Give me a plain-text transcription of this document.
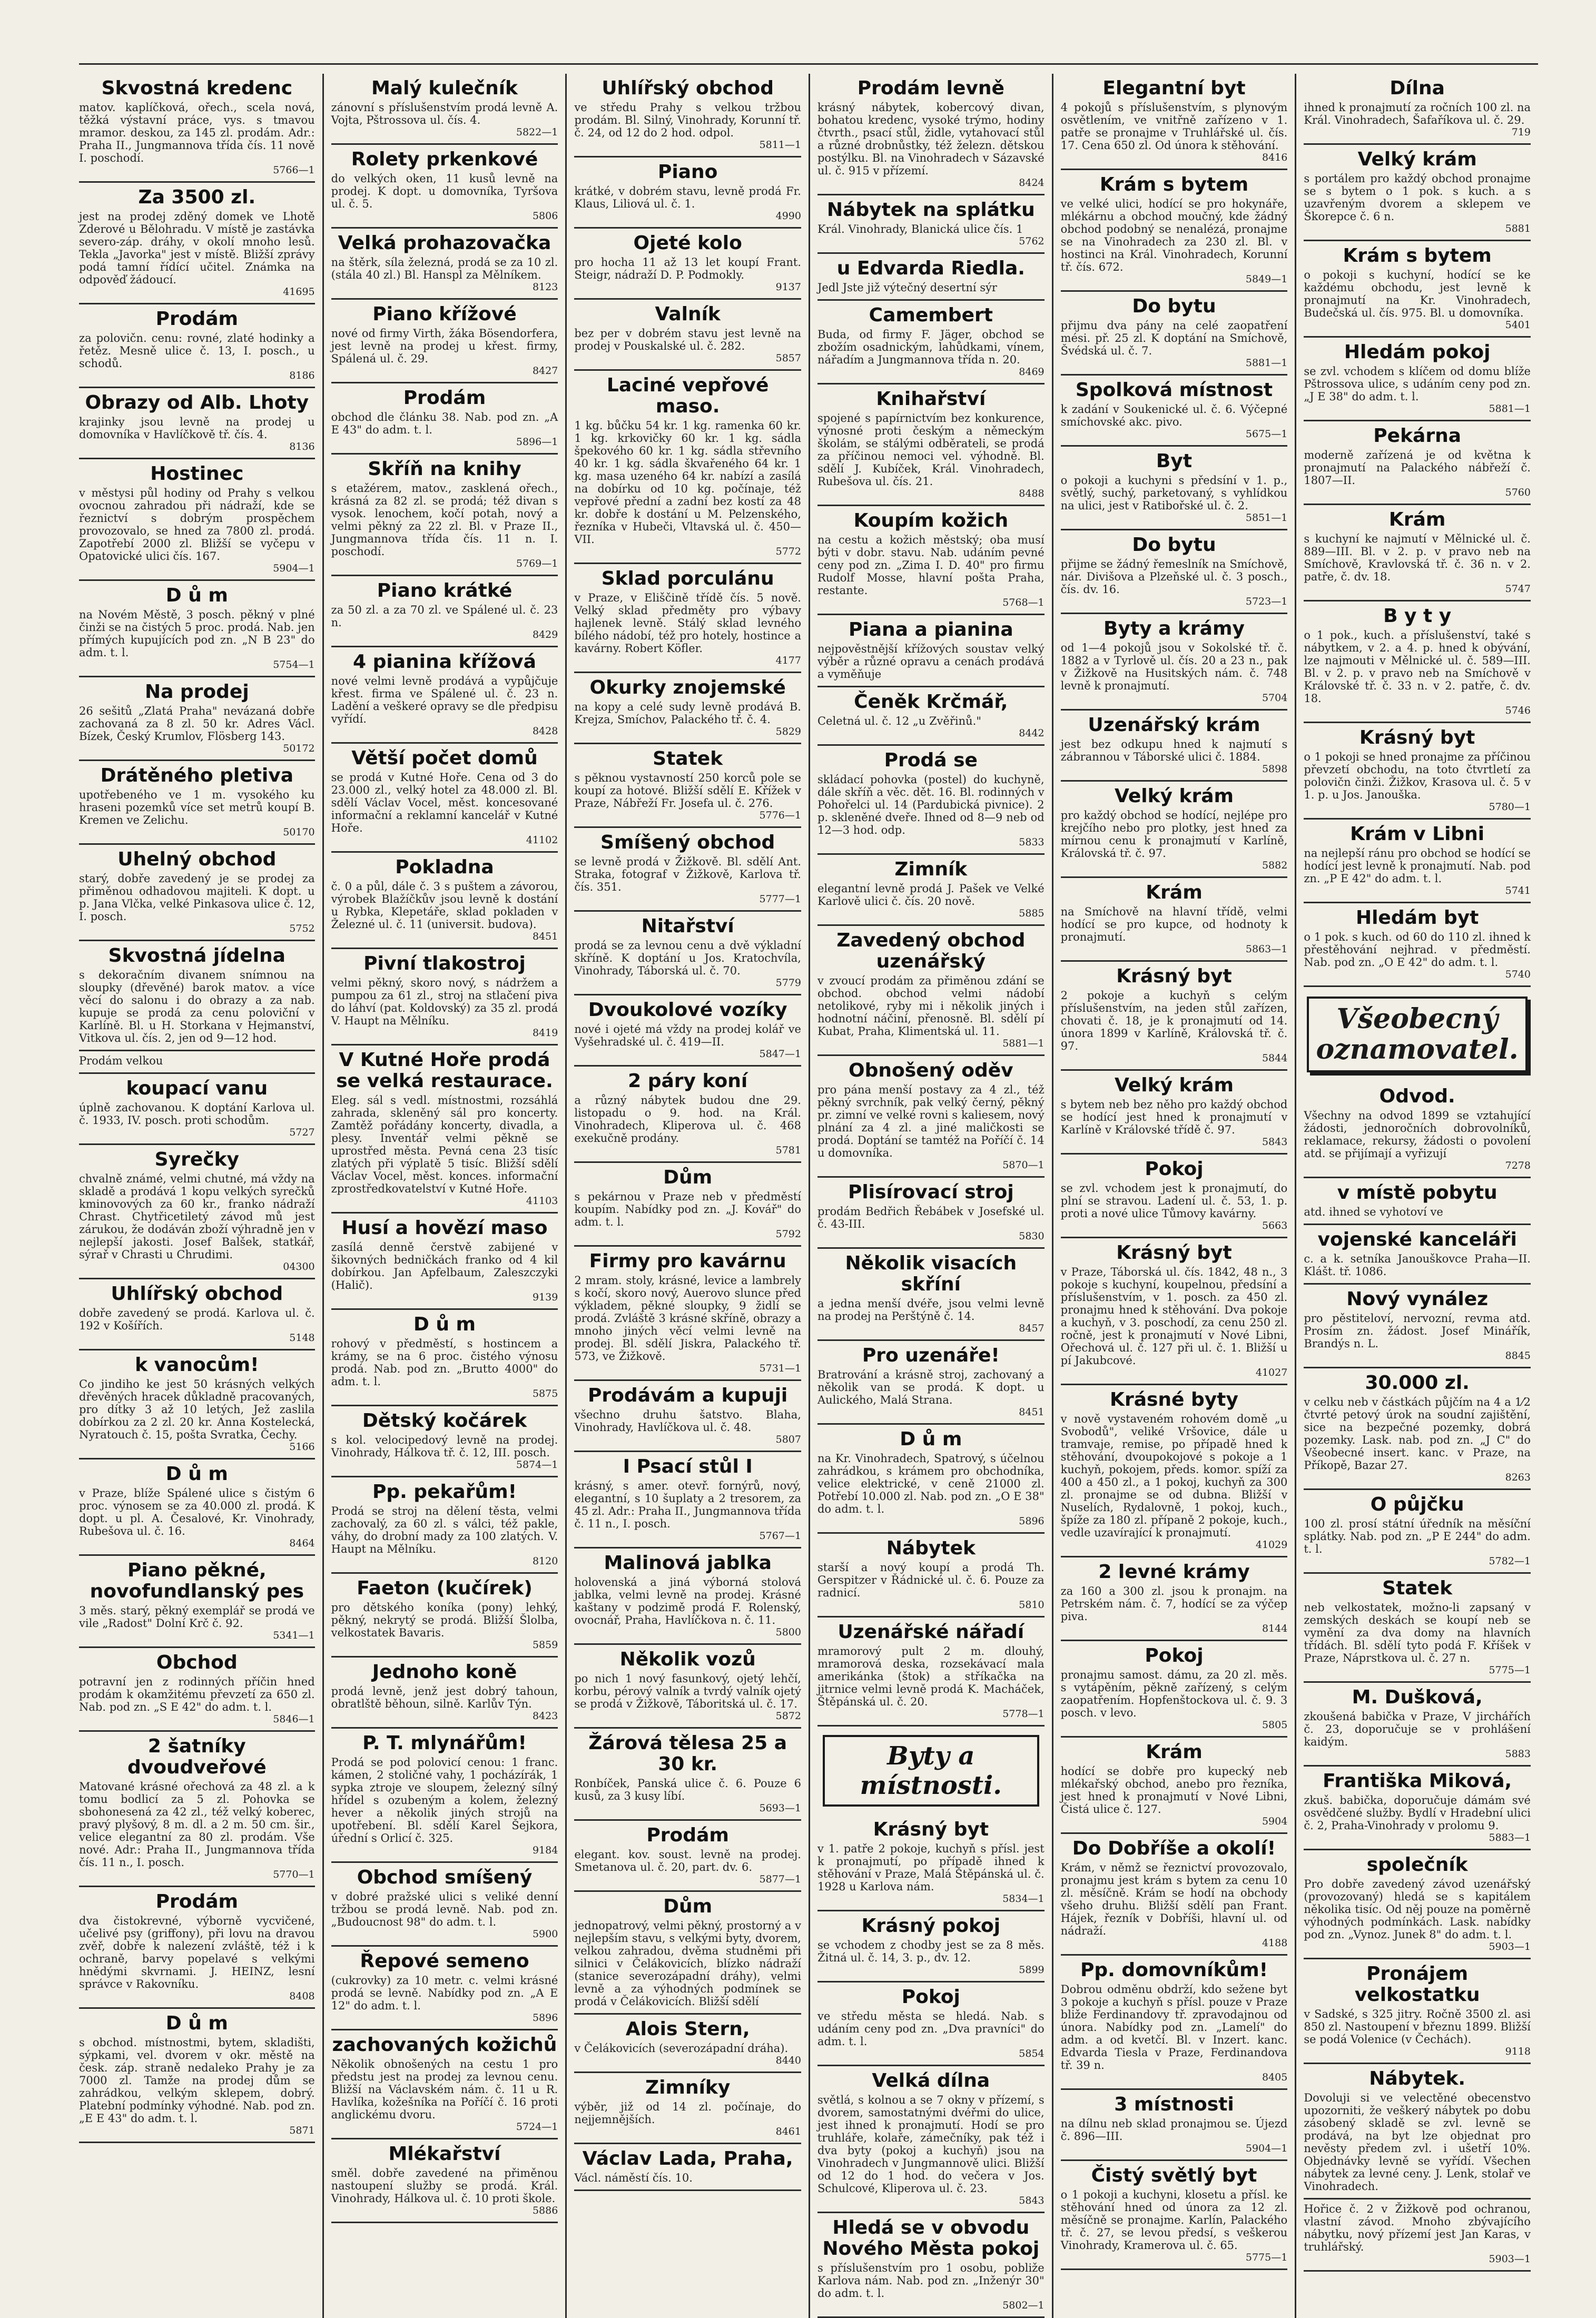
Skvostná kredenc
matov. kaplíčková, ořech., scela nová, těžká výstavní práce, vys. s tmavou mramor. deskou, za 145 zl. prodám. Adr.: Praha II., Jungmannova třída čís. 11 nově I. poschodí.
5766—1
Za 3500 zl.
jest na prodej zděný domek ve Lhotě Zderové u Bělohradu. V místě je zastávka severo-záp. dráhy, v okolí mnoho lesů. Tekla „Javorka" jest v místě. Bližší zprávy podá tamní řídící učitel. Známka na odpověď žádoucí.
41695
Prodám
za polovičn. cenu: rovné, zlaté hodinky a řetěz. Mesně ulice č. 13, I. posch., u schodů.
8186
Obrazy od Alb. Lhoty
krajinky jsou levně na prodej u domovníka v Havlíčkově tř. čís. 4.
8136
Hostinec
v městysi půl hodiny od Prahy s velkou ovocnou zahradou při nádraží, kde se řeznictví s dobrým prospěchem provozovalo, se hned za 7800 zl. prodá. Zapotřebí 2000 zl. Bližší se vyčepu v Opatovické ulici čís. 167.
5904—1
D ů m
na Novém Městě, 3 posch. pěkný v plné činži se na čistých 5 proc. prodá. Nab. jen přímých kupujících pod zn. „N B 23" do adm. t. l.
5754—1
Na prodej
26 sešitů „Zlatá Praha" nevázaná dobře zachovaná za 8 zl. 50 kr. Adres Václ. Bízek, Český Krumlov, Flösberg 143.
50172
Drátěného pletiva
upotřebeného ve 1 m. vysokého ku hraseni pozemků více set metrů koupí B. Kremen ve Zelichu.
50170
Uhelný obchod
starý, dobře zavedený je se prodej za přiměnou odhadovou majiteli. K dopt. u p. Jana Vlčka, velké Pinkasova ulice č. 12, I. posch.
5752
Skvostná jídelna
s dekoračním divanem snímnou na sloupky (dřevěné) barok matov. a více věcí do salonu i do obrazy a za nab. kupuje se prodá za cenu poloviční v Karlíně. Bl. u H. Storkana v Hejmanství, Vitkova ul. čís. 2, jen od 9—12 hod.
Prodám velkou
koupací vanu
úplně zachovanou. K doptání Karlova ul. č. 1933, IV. posch. proti schodům.
5727
Syrečky
chvalně známé, velmi chutné, má vždy na skladě a prodává 1 kopu velkých syrečků kminovových za 60 kr., franko nádraží Chrast. Chytřicetiletý závod mů jest zárukou, že dodáván zboží výhradně jen v nejlepší jakosti. Josef Balšek, statkář, sýrař v Chrasti u Chrudimi.
04300
Uhlířský obchod
dobře zavedený se prodá. Karlova ul. č. 192 v Košířích.
5148
k vanocům!
Co jindiho ke jest 50 krásných velkých dřevěných hracek důkladně pracovaných, pro dítky 3 až 10 letých, Jež zaslila dobírkou za 2 zl. 20 kr. Anna Kostelecká, Nyratouch č. 15, pošta Svratka, Čechy.
5166
D ů m
v Praze, blíže Spálené ulice s čistým 6 proc. výnosem se za 40.000 zl. prodá. K dopt. u pl. A. Česalové, Kr. Vinohrady, Rubešova ul. č. 16.
8464
Piano pěkné, novofundlanský pes
3 měs. starý, pěkný exemplář se prodá ve vile „Radost" Dolní Krč č. 92.
5341—1
Obchod
potravní jen z rodinných příčin hned prodám k okamžitému převzetí za 650 zl. Nab. pod zn. „S E 42" do adm. t. l.
5846—1
2 šatníky dvoudveřové
Matované krásné ořechová za 48 zl. a k tomu bodlicí za 5 zl. Pohovka se sbohonesená za 42 zl., též velký koberec, pravý plyšový, 8 m. dl. a 2 m. 50 cm. šir., velice elegantní za 80 zl. prodám. Vše nové. Adr.: Praha II., Jungmannova třída čís. 11 n., I. posch.
5770—1
Prodám
dva čistokrevné, výborně vycvičené, učelivé psy (griffony), při lovu na dravou zvěř, dobře k nalezení zvláště, též i k ochraně, barvy popelavé s velkými hnědými skvrnami. J. HEINZ, lesní správce v Rakovníku.
8408
D ů m
s obchod. místnostmi, bytem, skladišti, sýpkami, vel. dvorem v okr. městě na česk. záp. straně nedaleko Prahy je za 7000 zl. Tamže na prodej dům se zahrádkou, velkým sklepem, dobrý. Platební podmínky výhodné. Nab. pod zn. „E E 43" do adm. t. l.
5871
Malý kulečník
zánovní s příslušenstvím prodá levně A. Vojta, Pštrossova ul. čís. 4.
5822—1
Rolety prkenkové
do velkých oken, 11 kusů levně na prodej. K dopt. u domovníka, Tyršova ul. č. 5.
5806
Velká prohazovačka
na štěrk, síla železná, prodá se za 10 zl. (stála 40 zl.) Bl. Hanspl za Mělníkem.
8123
Piano křížové
nové od firmy Virth, žáka Bösendorfera, jest levně na prodej u křest. firmy, Spálená ul. č. 29.
8427
Prodám
obchod dle článku 38. Nab. pod zn. „A E 43" do adm. t. l.
5896—1
Skříň na knihy
s etažérem, matov., zasklená ořech., krásná za 82 zl. se prodá; též divan s vysok. lenochem, kočí potah, nový a velmi pěkný za 22 zl. Bl. v Praze II., Jungmannova třída čís. 11 n. I. poschodí.
5769—1
Piano krátké
za 50 zl. a za 70 zl. ve Spálené ul. č. 23 n.
8429
4 pianina křížová
nové velmi levně prodává a vypůjčuje křest. firma ve Spálené ul. č. 23 n. Ladění a veškeré opravy se dle předpisu vyřídí.
8428
Větší počet domů
se prodá v Kutné Hoře. Cena od 3 do 23.000 zl., velký hotel za 48.000 zl. Bl. sdělí Václav Vocel, měst. koncesované informační a reklamní kancelář v Kutné Hoře.
41102
Pokladna
č. 0 a půl, dále č. 3 s puštem a závorou, výrobek Blažíčkův jsou levně k dostání u Rybka, Klepetáře, sklad pokladen v Železné ul. č. 11 (universit. budova).
8451
Pivní tlakostroj
velmi pěkný, skoro nový, s nádržem a pumpou za 61 zl., stroj na stlačení piva do láhví (pat. Koldovský) za 35 zl. prodá V. Haupt na Mělníku.
8419
V Kutné Hoře prodá se velká restaurace.
Eleg. sál s vedl. místnostmi, rozsáhlá zahrada, skleněný sál pro koncerty. Zamtěž pořádány koncerty, divadla, a plesy. Inventář velmi pěkně se uprostřed města. Pevná cena 23 tisíc zlatých při výplatě 5 tisíc. Bližší sdělí Václav Vocel, měst. konces. informační zprostředkovatelství v Kutné Hoře.
41103
Husí a hovězí maso
zasílá denně čerstvě zabijené v šikovných bedničkách franko od 4 kil dobírkou. Jan Apfelbaum, Zaleszczyki (Halič).
9139
D ů m
rohový v předměstí, s hostincem a krámy, se na 6 proc. čistého výnosu prodá. Nab. pod zn. „Brutto 4000" do adm. t. l.
5875
Dětský kočárek
s kol. velocipedový levně na prodej. Vinohrady, Hálkova tř. č. 12, III. posch.
5874—1
Pp. pekařům!
Prodá se stroj na dělení těsta, velmi zachovalý, za 60 zl. s válci, též pakle, váhy, do drobní mady za 100 zlatých. V. Haupt na Mělníku.
8120
Faeton (kučírek)
pro dětského koníka (pony) lehký, pěkný, nekrytý se prodá. Bližší Šlolba, velkostatek Bavaris.
5859
Jednoho koně
prodá levně, jenž jest dobrý tahoun, obratlště běhoun, silně. Karlův Týn.
8423
P. T. mlynářům!
Prodá se pod polovicí cenou: 1 franc. kámen, 2 stoličné vahy, 1 pocházírák, 1 sypka ztroje ve sloupem, železný sílný hřídel s ozubeným a kolem, železný hever a několik jiných strojů na upotřebení. Bl. sdělí Karel Šejkora, úřední s Orlicí č. 325.
9184
Obchod smíšený
v dobré pražské ulici s veliké denní tržbou se prodá levně. Nab. pod zn. „Budoucnost 98" do adm. t. l.
5900
Řepové semeno
(cukrovky) za 10 metr. c. velmi krásné prodá se levně. Nabídky pod zn. „A E 12" do adm. t. l.
5896
zachovaných kožichů
Několik obnošených na cestu 1 pro předstu jest na prodej za levnou cenu. Bližší na Václavském nám. č. 11 u R. Havlíka, kožešníka na Poříčí č. 16 proti anglickému dvoru.
5724—1
Mlékařství
směl. dobře zavedené na přiměnou nastoupení služby se prodá. Král. Vinohrady, Hálkova ul. č. 10 proti škole.
5886
Uhlířský obchod
ve středu Prahy s velkou tržbou prodám. Bl. Silný, Vinohrady, Korunní tř. č. 24, od 12 do 2 hod. odpol.
5811—1
Piano
krátké, v dobrém stavu, levně prodá Fr. Klaus, Liliová ul. č. 1.
4990
Ojeté kolo
pro hocha 11 až 13 let koupí Frant. Steigr, nádraží D. P. Podmokly.
9137
Valník
bez per v dobrém stavu jest levně na prodej v Pouskalské ul. č. 282.
5857
Laciné vepřové maso.
1 kg. bůčku 54 kr. 1 kg. ramenka 60 kr. 1 kg. krkovičky 60 kr. 1 kg. sádla špekového 60 kr. 1 kg. sádla střevního 40 kr. 1 kg. sádla škvařeného 64 kr. 1 kg. masa uzeného 64 kr. nabízí a zasílá na dobírku od 10 kg. počínaje, též vepřové přední a zadní bez kostí za 48 kr. dobře k dostání u M. Pelzenského, řezníka v Hubeči, Vltavská ul. č. 450—VII.
5772
Sklad porculánu
v Praze, v Eliščině třídě čís. 5 nově. Velký sklad předměty pro výbavy hajlenek levně. Stálý sklad levného bílého nádobí, též pro hotely, hostince a kavárny. Robert Köfler.
4177
Okurky znojemské
na kopy a celé sudy levně prodává B. Krejza, Smíchov, Palackého tř. č. 4.
5829
Statek
s pěknou vystavností 250 korců pole se koupí za hotové. Bližší sdělí E. Křížek v Praze, Nábřeží Fr. Josefa ul. č. 276.
5776—1
Smíšený obchod
se levně prodá v Žižkově. Bl. sdělí Ant. Straka, fotograf v Žižkově, Karlova tř. čís. 351.
5777—1
Nitařství
prodá se za levnou cenu a dvě výkladní skříně. K doptání u Jos. Kratochvíla, Vinohrady, Táborská ul. č. 70.
5779
Dvoukolové vozíky
nové i ojeté má vždy na prodej kolář ve Vyšehradské ul. č. 419—II.
5847—1
2 páry koní
a různý nábytek budou dne 29. listopadu o 9. hod. na Král. Vinohradech, Kliperova ul. č. 468 exekučně prodány.
5781
Dům
s pekárnou v Praze neb v předměstí koupím. Nabídky pod zn. „J. Kovář" do adm. t. l.
5792
Firmy pro kavárnu
2 mram. stoly, krásné, levice a lambrely s kočí, skoro nový, Auerovo slunce před výkladem, pěkné sloupky, 9 židlí se prodá. Zvláště 3 krásné skříně, obrazy a mnoho jiných věcí velmi levně na prodej. Bl. sdělí Jiskra, Palackého tř. 573, ve Žižkově.
5731—1
Prodávám a kupuji
všechno druhu šatstvo. Blaha, Vinohrady, Havlíčkova ul. č. 48.
5807
I Psací stůl I
krásný, s amer. otevř. fornýrů, nový, elegantní, s 10 šuplaty a 2 tresorem, za 45 zl. Adr.: Praha II., Jungmannova třída č. 11 n., I. posch.
5767—1
Malinová jablka
holovenská a jiná výborná stolová jablka, velmi levně na prodej. Krásné kaštany v podzimě prodá F. Rolenský, ovocnář, Praha, Havlíčkova n. č. 11.
5800
Několik vozů
po nich 1 nový fasunkový, ojetý lehčí, korbu, pérový valník a tvrdý valník ojetý se prodá v Žižkově, Táboritská ul. č. 17.
5872
Žárová tělesa 25 a 30 kr.
Ronbíček, Panská ulice č. 6. Pouze 6 kusů, za 3 kusy líbí.
5693—1
Prodám
elegant. kov. soust. levně na prodej. Smetanova ul. č. 20, part. dv. 6.
5877—1
Dům
jednopatrový, velmi pěkný, prostorný a v nejlepším stavu, s velkými byty, dvorem, velkou zahradou, dvěma studněmi při silnici v Čelákovicích, blízko nádraží (stanice severozápadní dráhy), velmi levně a za výhodných podmínek se prodá v Čelákovicích. Bližší sdělí
Alois Stern,
v Čelákovicích (severozápadní dráha).
8440
Zimníky
výběr, již od 14 zl. počínaje, do nejjemnějších.
8461
Václav Lada, Praha,
Václ. náměstí čís. 10.
Prodám levně
krásný nábytek, kobercový divan, bohatou kredenc, vysoké trýmo, hodiny čtvrth., psací stůl, židle, vytahovací stůl a různé drobnůstky, též železn. dětskou postýlku. Bl. na Vinohradech v Sázavské ul. č. 915 v přízemí.
8424
Nábytek na splátku
Král. Vinohrady, Blanická ulice čís. 1
5762
u Edvarda Riedla.
Jedl Jste již výtečný desertní sýr
Camembert
Buda, od firmy F. Jäger, obchod se zbožím osadnickým, lahůdkami, vínem, nářadím a Jungmannova třída n. 20.
8469
Knihařství
spojené s papírnictvím bez konkurence, výnosné proti českým a německým školám, se stálými odběrateli, se prodá za příčinou nemoci vel. výhodně. Bl. sdělí J. Kubíček, Král. Vinohradech, Rubešova ul. čís. 21.
8488
Koupím kožich
na cestu a kožich městský; oba musí býti v dobr. stavu. Nab. udáním pevné ceny pod zn. „Zima I. D. 40" pro firmu Rudolf Mosse, hlavní pošta Praha, restante.
5768—1
Piana a pianina
nejpověstnější křížových soustav velký výběr a různé opravu a cenách prodává a vyměňuje
Čeněk Krčmář,
Celetná ul. č. 12 „u Zvěřinů."
8442
Prodá se
skládací pohovka (postel) do kuchyně, dále skříň a věc. dět. 16. Bl. rodinných v Pohořelci ul. 14 (Pardubická pivnice). 2 p. skleněné dveře. Ihned od 8—9 neb od 12—3 hod. odp.
5833
Zimník
elegantní levně prodá J. Pašek ve Velké Karlově ulici č. čís. 20 nově.
5885
Zavedený obchod uzenářský
v zvoucí prodám za přiměnou zdání se obchod. obchod velmi nádobí netolikové, ryby mi i několik jiných i hodnotní náčiní, přenosně. Bl. sdělí pí Kubat, Praha, Klimentská ul. 11.
5881—1
Obnošený oděv
pro pána menší postavy za 4 zl., též pěkný svrchník, pak velký černý, pěkný pr. zimní ve velké rovni s kaliesem, nový plnání za 4 zl. a jiné maličkosti se prodá. Doptání se tamtéž na Poříčí č. 14 u domovníka.
5870—1
Plisírovací stroj
prodám Bedřich Řebábek v Josefské ul. č. 43-III.
5830
Několik visacích skříní
a jedna menší dvéře, jsou velmi levně na prodej na Perštýně č. 14.
8457
Pro uzenáře!
Bratrování a krásně stroj, zachovaný a několik van se prodá. K dopt. u Aulického, Malá Strana.
8451
D ů m
na Kr. Vinohradech, Spatrový, s účelnou zahrádkou, s krámem pro obchodníka, velice elektrické, v ceně 21000 zl. Potřebí 10.000 zl. Nab. pod zn. „O E 38" do adm. t. l.
5896
Nábytek
starší a nový koupí a prodá Th. Gerspitzer v Řádnické ul. č. 6. Pouze za radnicí.
5810
Uzenářské nářadí
mramorový pult 2 m. dlouhý, mramorová deska, rozsekávací mala amerikánka (štok) a stříkačka na jitrnice velmi levně prodá K. Macháček, Štěpánská ul. č. 20.
5778—1
Byty a místnosti.
Krásný byt
v 1. patře 2 pokoje, kuchyň s přísl. jest k pronajmutí, po případě ihned k stěhování v Praze, Malá Štěpánská ul. č. 1928 u Karlova nám.
5834—1
Krásný pokoj
se vchodem z chodby jest se za 8 měs. Žitná ul. č. 14, 3. p., dv. 12.
5899
Pokoj
ve středu města se hledá. Nab. s udáním ceny pod zn. „Dva pravníci" do adm. t. l.
5854
Velká dílna
světlá, s kolnou a se 7 okny v přízemí, s dvorem, samostatnými dvéřmi do ulice, jest ihned k pronajmutí. Hodí se pro truhláře, kolaře, zámečníky, pak též i dva byty (pokoj a kuchyň) jsou na Vinohradech v Jungmannově ulici. Bližší od 12 do 1 hod. do večera v Jos. Schulcové, Kliperova ul. č. 23.
5843
Hledá se v obvodu Nového Města pokoj
s příslušenstvím pro 1 osobu, pobliže Karlova nám. Nab. pod zn. „Inženýr 30" do adm. t. l.
5802—1
Elegantní byt
4 pokojů s příslušenstvím, s plynovým osvětlením, ve vnitřně zařízeno v 1. patře se pronajme v Truhlářské ul. čís. 17. Cena 650 zl. Od února k stěhování.
8416
Krám s bytem
ve velké ulici, hodící se pro hokynáře, mlékárnu a obchod moučný, kde žádný obchod podobný se nenalézá, pronajme se na Vinohradech za 230 zl. Bl. v hostinci na Král. Vinohradech, Korunní tř. čís. 672.
5849—1
Do bytu
přijmu dva pány na celé zaopatření mési. př. 25 zl. K doptání na Smíchově, Švédská ul. č. 7.
5881—1
Spolková místnost
k zadání v Soukenické ul. č. 6. Výčepné smíchovské akc. pivo.
5675—1
Byt
o pokoji a kuchyni s předsíní v 1. p., světlý, suchý, parketovaný, s vyhlídkou na ulici, jest v Ratibořské ul. č. 2.
5851—1
Do bytu
přijme se žádný řemeslník na Smíchově, nár. Divišova a Plzeňské ul. č. 3 posch., čís. dv. 16.
5723—1
Byty a krámy
od 1—4 pokojů jsou v Sokolské tř. č. 1882 a v Tyrlově ul. čís. 20 a 23 n., pak v Žižkově na Husitských nám. č. 748 levně k pronajmutí.
5704
Uzenářský krám
jest bez odkupu hned k najmutí s zábrannou v Táborské ulici č. 1884.
5898
Velký krám
pro každý obchod se hodící, nejlépe pro krejčího nebo pro plotky, jest hned za mírnou cenu k pronajmutí v Karlíně, Královská tř. č. 97.
5882
Krám
na Smíchově na hlavní třídě, velmi hodící se pro kupce, od hodnoty k pronajmutí.
5863—1
Krásný byt
2 pokoje a kuchyň s celým příslušenstvím, na jeden stůl zařízen, chovati č. 18, je k pronajmutí od 14. února 1899 v Karlíně, Královská tř. č. 97.
5844
Velký krám
s bytem neb bez něho pro každý obchod se hodící jest hned k pronajmutí v Karlíně v Královské třídě č. 97.
5843
Pokoj
se zvl. vchodem jest k pronajmutí, do plní se stravou. Ladení ul. č. 53, 1. p. proti a nové ulice Tůmovy kavárny.
5663
Krásný byt
v Praze, Táborská ul. čís. 1842, 48 n., 3 pokoje s kuchyní, koupelnou, předsíní a příslušenstvím, v 1. posch. za 450 zl. pronajmu hned k stěhování. Dva pokoje a kuchyň, v 3. poschodí, za cenu 250 zl. ročně, jest k pronajmutí v Nové Libni, Ořechová ul. č. 127 při ul. č. 1. Bližší u pí Jakubcové.
41027
Krásné byty
v nově vystaveném rohovém domě „u Svobodů", veliké Vršovice, dále u tramvaje, remise, po případě hned k stěhování, dvoupokojové s pokoje a 1 kuchyň, pokojem, předs. komor. spíží za 400 a 450 zl., a 1 pokoj, kuchyň za 300 zl. pronajme se od dubna. Bližší v Nuselích, Rydalovně, 1 pokoj, kuch., špíže za 180 zl. přípaně 2 pokoje, kuch., vedle uzavírající k pronajmutí.
41029
2 levné krámy
za 160 a 300 zl. jsou k pronajm. na Petrském nám. č. 7, hodící se za výčep piva.
8144
Pokoj
pronajmu samost. dámu, za 20 zl. měs. s vytápěním, pěkně zařízený, s celým zaopatřením. Hopfenštockova ul. č. 9. 3 posch. v levo.
5805
Krám
hodící se dobře pro kupecký neb mlékařský obchod, anebo pro řezníka, jest hned k pronajmutí v Nové Libni, Čistá ulice č. 127.
5904
Do Dobříše a okolí!
Krám, v němž se řeznictví provozovalo, pronajmu jest krám s bytem za cenu 10 zl. měsíčně. Krám se hodí na obchody všeho druhu. Bližší sdělí pan Frant. Hájek, řezník v Dobříši, hlavní ul. od nádraží.
4188
Pp. domovníkům!
Dobrou odměnu obdrží, kdo sežene byt 3 pokoje a kuchyň s přísl. pouze v Praze bliže Ferdinandovy tř. zpravodajnou od února. Nabídky pod zn. „Lamelí" do adm. a od kvetčí. Bl. v Inzert. kanc. Edvarda Tiesla v Praze, Ferdinandova tř. 39 n.
8405
3 místnosti
na dílnu neb sklad pronajmou se. Újezd č. 896—III.
5904—1
Čistý světlý byt
o 1 pokoji a kuchyni, klosetu a přísl. ke stěhování hned od února za 12 zl. měsíčně se pronajme. Karlín, Palackého tř. č. 27, se levou předsí, s veškerou Vinohrady, Kramerova ul. č. 65.
5775—1
Dílna
ihned k pronajmutí za ročních 100 zl. na Král. Vinohradech, Šafaříkova ul. č. 29.
719
Velký krám
s portálem pro každý obchod pronajme se s bytem o 1 pok. s kuch. a s uzavřeným dvorem a sklepem ve Škorepce č. 6 n.
5881
Krám s bytem
o pokoji s kuchyní, hodící se ke každému obchodu, jest levně k pronajmutí na Kr. Vinohradech, Budečská ul. čís. 975. Bl. u domovníka.
5401
Hledám pokoj
se zvl. vchodem s klíčem od domu blíže Pštrossova ulice, s udáním ceny pod zn. „J E 38" do adm. t. l.
5881—1
Pekárna
moderně zařízená je od května k pronajmutí na Palackého nábřeží č. 1807—II.
5760
Krám
s kuchyní ke najmutí v Mělnické ul. č. 889—III. Bl. v 2. p. v pravo neb na Smíchově, Kravlovská tř. č. 36 n. v 2. patře, č. dv. 18.
5747
B y t y
o 1 pok., kuch. a příslušenství, také s nábytkem, v 2. a 4. p. hned k obývání, lze najmouti v Mělnické ul. č. 589—III. Bl. v 2. p. v pravo neb na Smíchově v Královské tř. č. 33 n. v 2. patře, č. dv. 18.
5746
Krásný byt
o 1 pokoji se hned pronajme za příčinou převzetí obchodu, na toto čtvrtletí za polovičn činži. Žižkov, Krasova ul. č. 5 v 1. p. u Jos. Janouška.
5780—1
Krám v Libni
na nejlepší ránu pro obchod se hodící se hodící jest levně k pronajmutí. Nab. pod zn. „P E 42" do adm. t. l.
5741
Hledám byt
o 1 pok. s kuch. od 60 do 110 zl. ihned k přestěhování nejhrad. v předměstí. Nab. pod zn. „O E 42" do adm. t. l.
5740
Všeobecný oznamovatel.
Odvod.
Všechny na odvod 1899 se vztahující žádosti, jednoročních dobrovolníků, reklamace, rekursy, žádosti o povolení atd. se přijímají a vyřizují
7278
v místě pobytu
atd. ihned se vyhotoví ve
vojenské kanceláři
c. a k. setníka Janouškovce Praha—II. Klášt. tř. 1086.
Nový vynález
pro pěstiteloví, nervozní, revma atd. Prosím zn. žádost. Josef Minářík, Brandýs n. L.
8845
30.000 zl.
v celku neb v částkách půjčím na 4 a 1⁄2 čtvrté petový úrok na soudní zajištění, sice na bezpečné pozemky, dobrá pozemky. Lask. nab. pod zn. „J C" do Všeobecné insert. kanc. v Praze, na Příkopě, Bazar 27.
8263
O půjčku
100 zl. prosí státní úředník na měsíční splátky. Nab. pod zn. „P E 244" do adm. t. l.
5782—1
Statek
neb velkostatek, možno-li zapsaný v zemských deskách se koupí neb se vymění za dva domy na hlavních třídách. Bl. sdělí tyto podá F. Kříšek v Praze, Náprstkova ul. č. 27 n.
5775—1
M. Dušková,
zkoušená babička v Praze, V jirchářích č. 23, doporučuje se v prohlášení kaidým.
5883
Františka Miková,
zkuš. babička, doporučuje dámám své osvědčené služby. Bydlí v Hradební ulici č. 2, Praha-Vinohrady v prolomu 9.
5883—1
společník
Pro dobře zavedený závod uzenářský (provozovaný) hledá se s kapitálem několika tisíc. Od něj pouze na poměrně výhodných podmínkách. Lask. nabídky pod zn. „Vynoz. Junek 8" do adm. t. l.
5903—1
Pronájem velkostatku
v Sadské, s 325 jitry. Ročně 3500 zl. asi 850 zl. Nastoupení v březnu 1899. Bližší se podá Volenice (v Čechách).
9118
Nábytek.
Dovoluji si ve velectěné obecenstvo upozorniti, že veškerý nábytek po dobu zásobený skladě se zvl. levně se prodává, na byt lze objednat pro nevěsty předem zvl. i ušetří 10%. Objednávky levně se vyřídí. Všechen nábytek za levné ceny. J. Lenk, stolař ve Vinohradech.
Hořice č. 2 v Žižkově pod ochranou, vlastní závod. Mnoho zbývajícího nábytku, nový přízemí jest Jan Karas, v truhlářský.
5903—1
